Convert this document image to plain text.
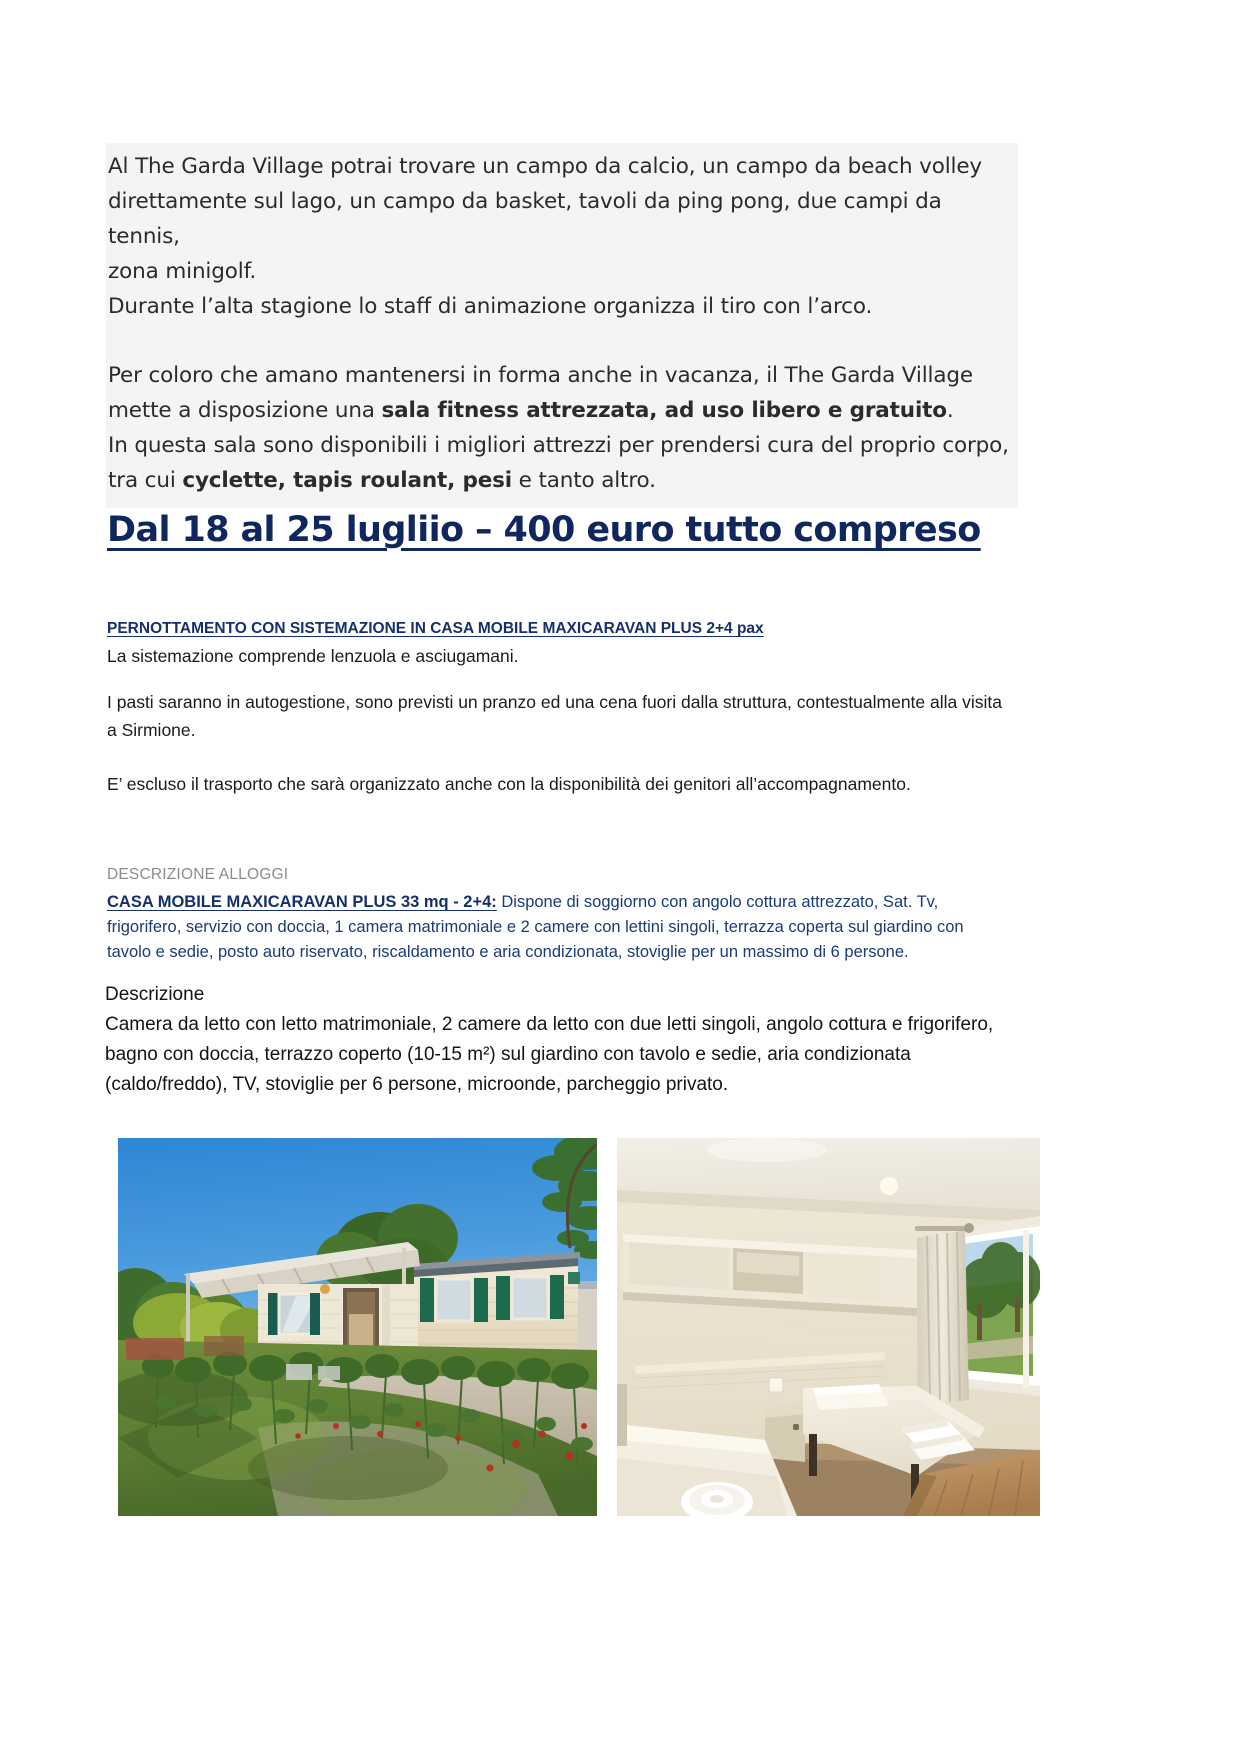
Al The Garda Village potrai trovare un campo da calcio, un campo da beach volley
direttamente sul lago, un campo da basket, tavoli da ping pong, due campi da tennis,
zona minigolf.
Durante l’alta stagione lo staff di animazione organizza il tiro con l’arco.

Per coloro che amano mantenersi in forma anche in vacanza, il The Garda Village
mette a disposizione una sala fitness attrezzata, ad uso libero e gratuito.
In questa sala sono disponibili i migliori attrezzi per prendersi cura del proprio corpo,
tra cui cyclette, tapis roulant, pesi e tanto altro.

Dal 18 al 25 lugliio – 400 euro tutto compreso
PERNOTTAMENTO CON SISTEMAZIONE IN CASA MOBILE MAXICARAVAN PLUS 2+4 pax
La sistemazione comprende lenzuola e asciugamani.
I pasti saranno in autogestione, sono previsti un pranzo ed una cena fuori dalla struttura, contestualmente alla visita a Sirmione.
E’ escluso il trasporto che sarà organizzato anche con la disponibilità dei genitori all’accompagnamento.
DESCRIZIONE ALLOGGI
CASA MOBILE MAXICARAVAN PLUS 33 mq - 2+4: Dispone di soggiorno con angolo cottura attrezzato, Sat. Tv, frigorifero, servizio con doccia, 1 camera matrimoniale e 2 camere con lettini singoli, terrazza coperta sul giardino con tavolo e sedie, posto auto riservato, riscaldamento e aria condizionata, stoviglie per un massimo di 6 persone.
Descrizione
Camera da letto con letto matrimoniale, 2 camere da letto con due letti singoli, angolo cottura e frigorifero, bagno con doccia, terrazzo coperto (10-15 m²) sul giardino con tavolo e sedie, aria condizionata (caldo/freddo), TV, stoviglie per 6 persone, microonde, parcheggio privato.
